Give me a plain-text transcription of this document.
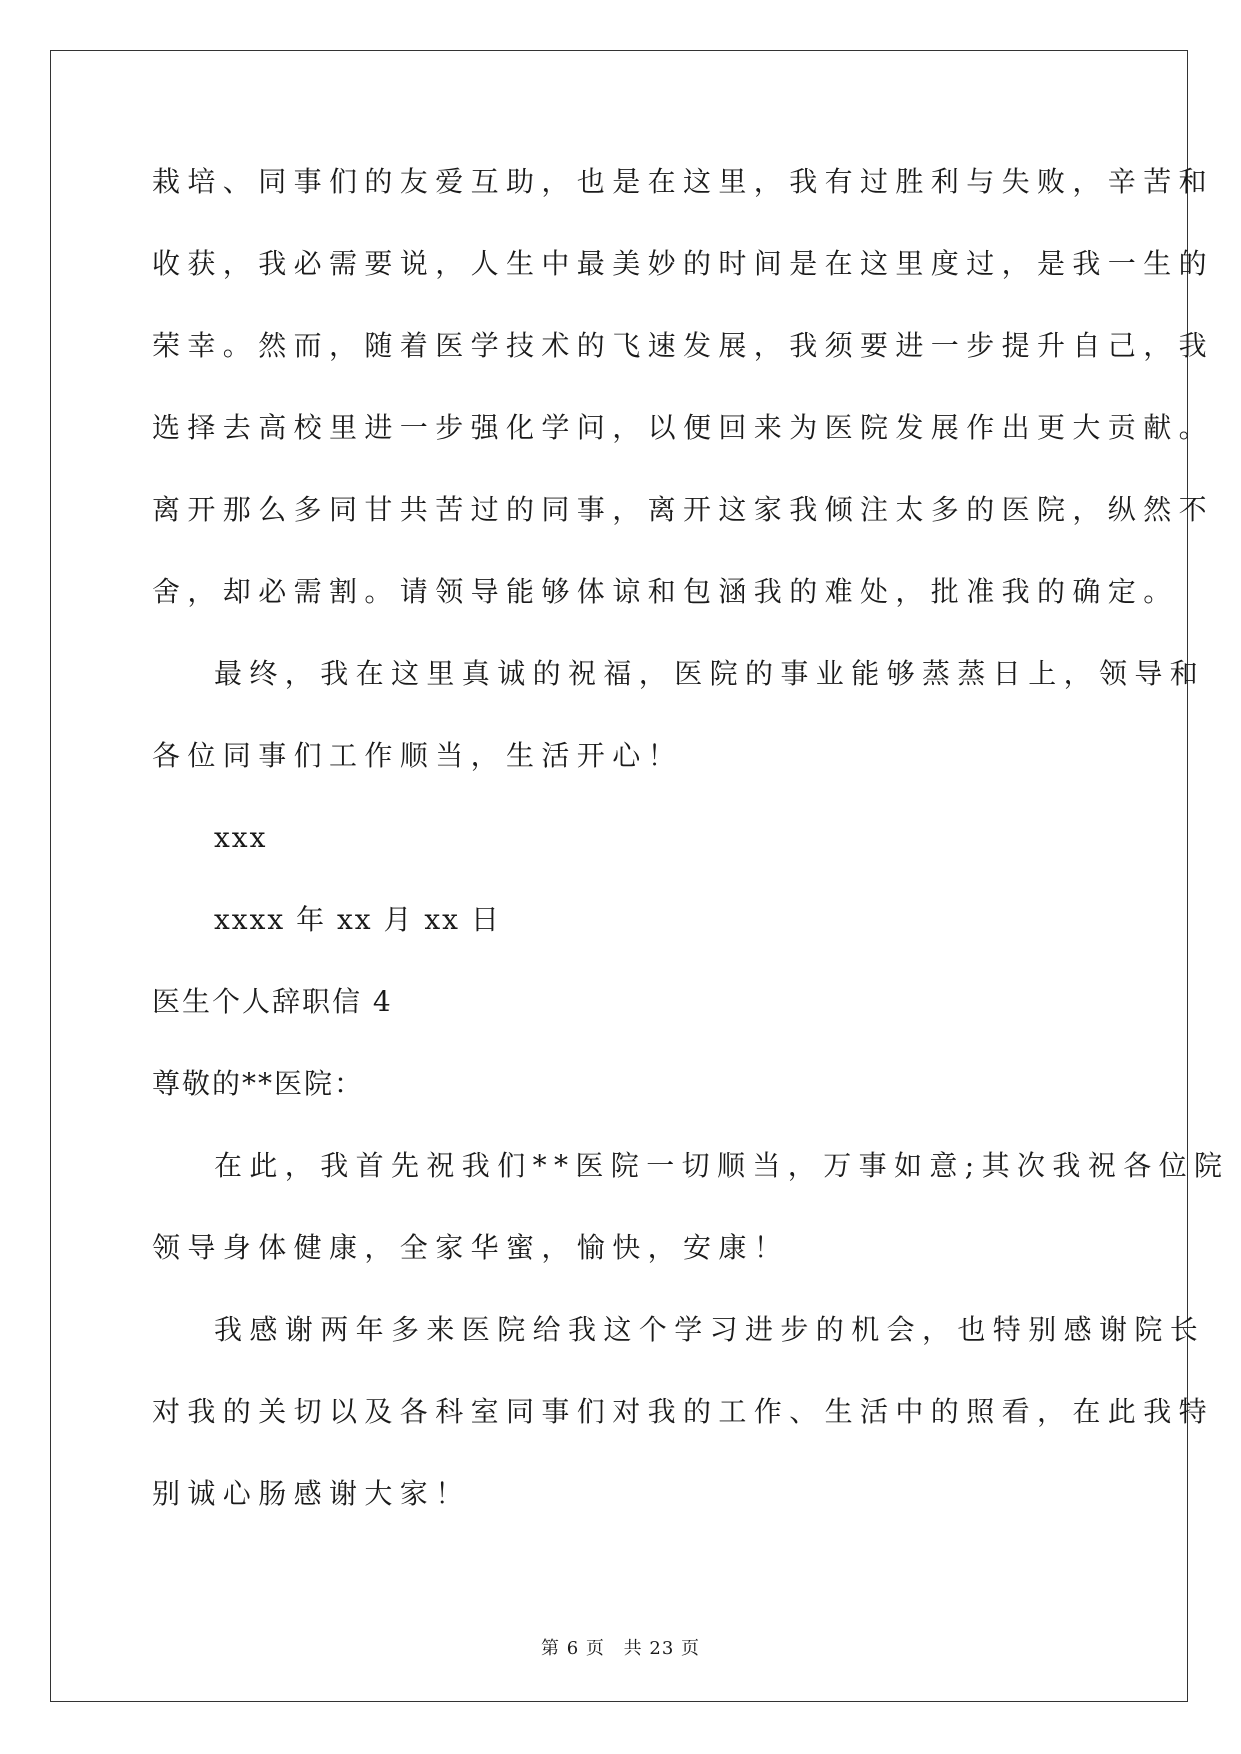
栽培、同事们的友爱互助，也是在这里，我有过胜利与失败，辛苦和
收获，我必需要说，人生中最美妙的时间是在这里度过，是我一生的
荣幸。然而，随着医学技术的飞速发展，我须要进一步提升自己，我
选择去高校里进一步强化学问，以便回来为医院发展作出更大贡献。
离开那么多同甘共苦过的同事，离开这家我倾注太多的医院，纵然不
舍，却必需割。请领导能够体谅和包涵我的难处，批准我的确定。
最终，我在这里真诚的祝福，医院的事业能够蒸蒸日上，领导和
各位同事们工作顺当，生活开心！
xxx
xxxx 年 xx 月 xx 日
医生个人辞职信 4
尊敬的**医院：
在此，我首先祝我们**医院一切顺当，万事如意;其次我祝各位院
领导身体健康，全家华蜜，愉快，安康！
我感谢两年多来医院给我这个学习进步的机会，也特别感谢院长
对我的关切以及各科室同事们对我的工作、生活中的照看，在此我特
别诚心肠感谢大家！
第 6 页 共 23 页
